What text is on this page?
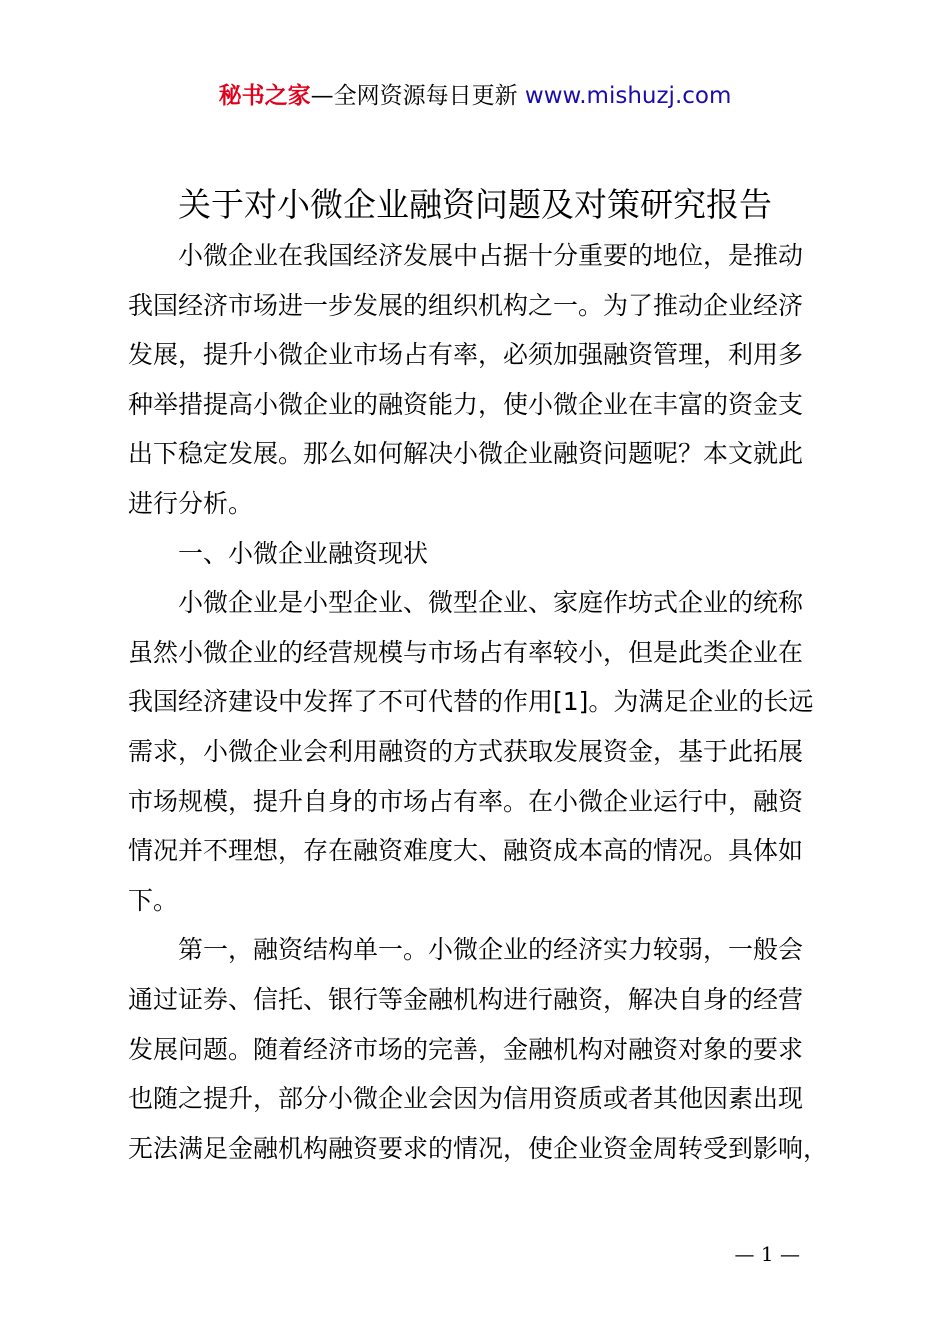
秘书之家—全网资源每日更新 www.mishuzj.com
关于对小微企业融资问题及对策研究报告
小微企业在我国经济发展中占据十分重要的地位，是推动
我国经济市场进一步发展的组织机构之一。为了推动企业经济
发展，提升小微企业市场占有率，必须加强融资管理，利用多
种举措提高小微企业的融资能力，使小微企业在丰富的资金支
出下稳定发展。那么如何解决小微企业融资问题呢？本文就此
进行分析。
一、小微企业融资现状
小微企业是小型企业、微型企业、家庭作坊式企业的统称
虽然小微企业的经营规模与市场占有率较小，但是此类企业在
我国经济建设中发挥了不可代替的作用[1]。为满足企业的长远
需求，小微企业会利用融资的方式获取发展资金，基于此拓展
市场规模，提升自身的市场占有率。在小微企业运行中，融资
情况并不理想，存在融资难度大、融资成本高的情况。具体如
下。
第一，融资结构单一。小微企业的经济实力较弱，一般会
通过证券、信托、银行等金融机构进行融资，解决自身的经营
发展问题。随着经济市场的完善，金融机构对融资对象的要求
也随之提升，部分小微企业会因为信用资质或者其他因素出现
无法满足金融机构融资要求的情况，使企业资金周转受到影响，
— 1 —
